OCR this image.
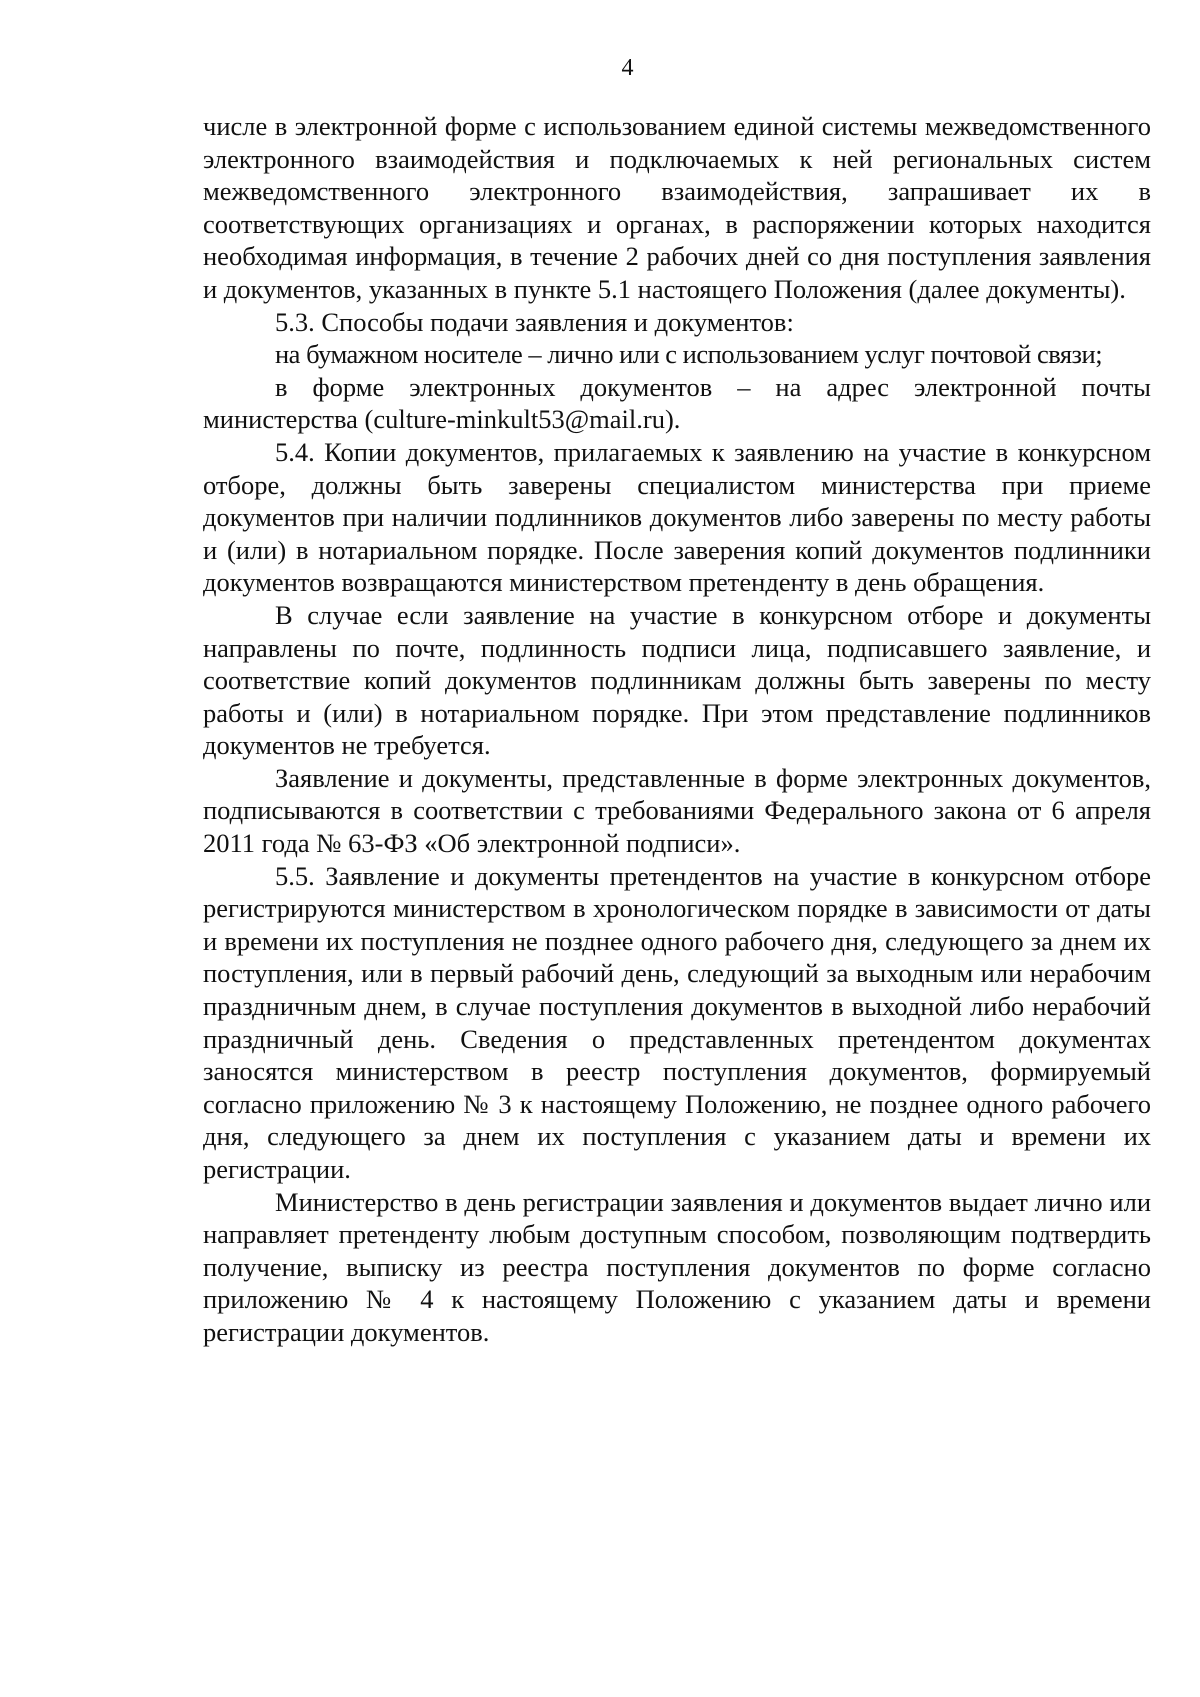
4

числе в электронной форме с использованием единой системы межведомственного электронного взаимодействия и подключаемых к ней региональных систем межведомственного электронного взаимодействия, запрашивает их в соответствующих организациях и органах, в распоряжении которых находится необходимая информация, в течение 2 рабочих дней со дня поступления заявления и документов, указанных в пункте 5.1 настоящего Положения (далее документы).

5.3. Способы подачи заявления и документов:

на бумажном носителе – лично или с использованием услуг почтовой связи;

в форме электронных документов – на адрес электронной почты министерства (culture-minkult53@mail.ru).

5.4. Копии документов, прилагаемых к заявлению на участие в конкурсном отборе, должны быть заверены специалистом министерства при приеме документов при наличии подлинников документов либо заверены по месту работы и (или) в нотариальном порядке. После заверения копий документов подлинники документов возвращаются министерством претенденту в день обращения.

В случае если заявление на участие в конкурсном отборе и документы направлены по почте, подлинность подписи лица, подписавшего заявление, и соответствие копий документов подлинникам должны быть заверены по месту работы и (или) в нотариальном порядке. При этом представление подлинников документов не требуется.

Заявление и документы, представленные в форме электронных документов, подписываются в соответствии с требованиями Федерального закона от 6 апреля 2011 года № 63-ФЗ «Об электронной подписи».

5.5. Заявление и документы претендентов на участие в конкурсном отборе регистрируются министерством в хронологическом порядке в зависимости от даты и времени их поступления не позднее одного рабочего дня, следующего за днем их поступления, или в первый рабочий день, следующий за выходным или нерабочим праздничным днем, в случае поступления документов в выходной либо нерабочий праздничный день. Сведения о представленных претендентом документах заносятся министерством в реестр поступления документов, формируемый согласно приложению № 3 к настоящему Положению, не позднее одного рабочего дня, следующего за днем их поступления с указанием даты и времени их регистрации.

Министерство в день регистрации заявления и документов выдает лично или направляет претенденту любым доступным способом, позволяющим подтвердить получение, выписку из реестра поступления документов по форме согласно приложению № 4 к настоящему Положению с указанием даты и времени регистрации документов.
